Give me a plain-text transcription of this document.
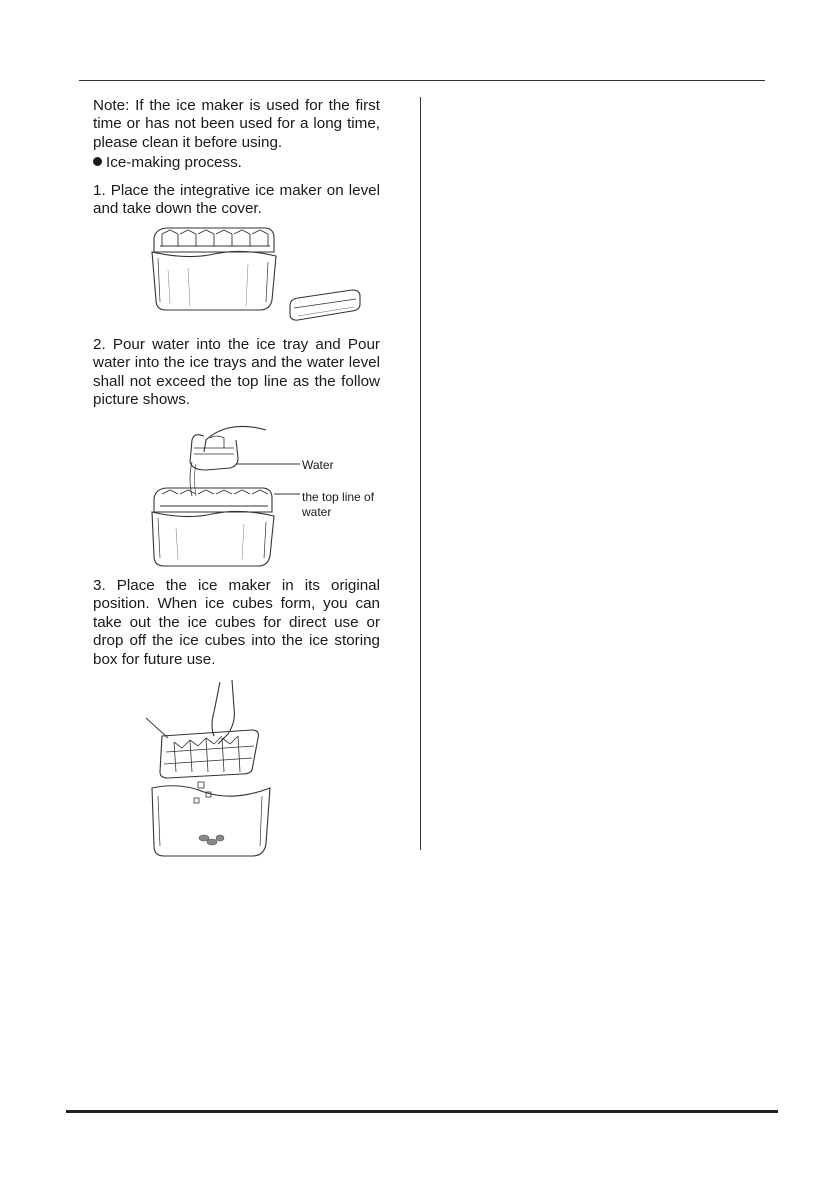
Note: If the ice maker is used for the first time or has not been used for a long time, please clean it before using.

Ice-making process.

1. Place the integrative ice maker on level and take down the cover.

2. Pour water into the ice tray and Pour water into the ice trays and the water level shall not exceed the top line as the follow picture shows.

Water
the top line of
water

3. Place the ice maker in its original position. When ice cubes form, you can take out the ice cubes for direct use or drop off the ice cubes into the ice storing box for future use.
